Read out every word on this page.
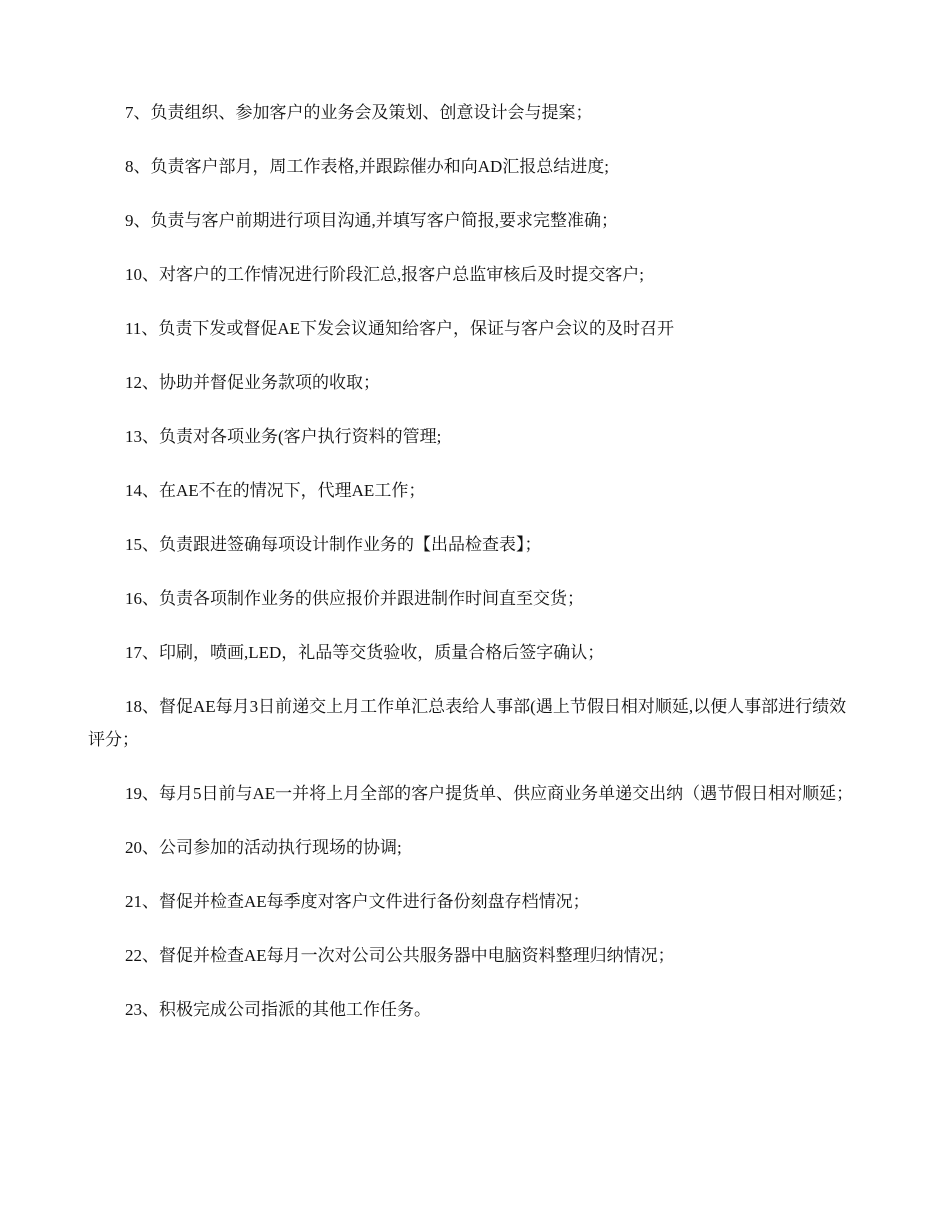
7、负责组织、参加客户的业务会及策划、创意设计会与提案；

8、负责客户部月，周工作表格,并跟踪催办和向AD汇报总结进度;

9、负责与客户前期进行项目沟通,并填写客户简报,要求完整准确；

10、对客户的工作情况进行阶段汇总,报客户总监审核后及时提交客户;

11、负责下发或督促AE下发会议通知给客户，保证与客户会议的及时召开

12、协助并督促业务款项的收取；

13、负责对各项业务(客户执行资料的管理;

14、在AE不在的情况下，代理AE工作；

15、负责跟进签确每项设计制作业务的【出品检查表】；

16、负责各项制作业务的供应报价并跟进制作时间直至交货；

17、印刷，喷画,LED，礼品等交货验收，质量合格后签字确认；

18、督促AE每月3日前递交上月工作单汇总表给人事部(遇上节假日相对顺延,以便人事部进行绩效评分；

19、每月5日前与AE一并将上月全部的客户提货单、供应商业务单递交出纳（遇节假日相对顺延；

20、公司参加的活动执行现场的协调;

21、督促并检查AE每季度对客户文件进行备份刻盘存档情况；

22、督促并检查AE每月一次对公司公共服务器中电脑资料整理归纳情况；

23、积极完成公司指派的其他工作任务。
